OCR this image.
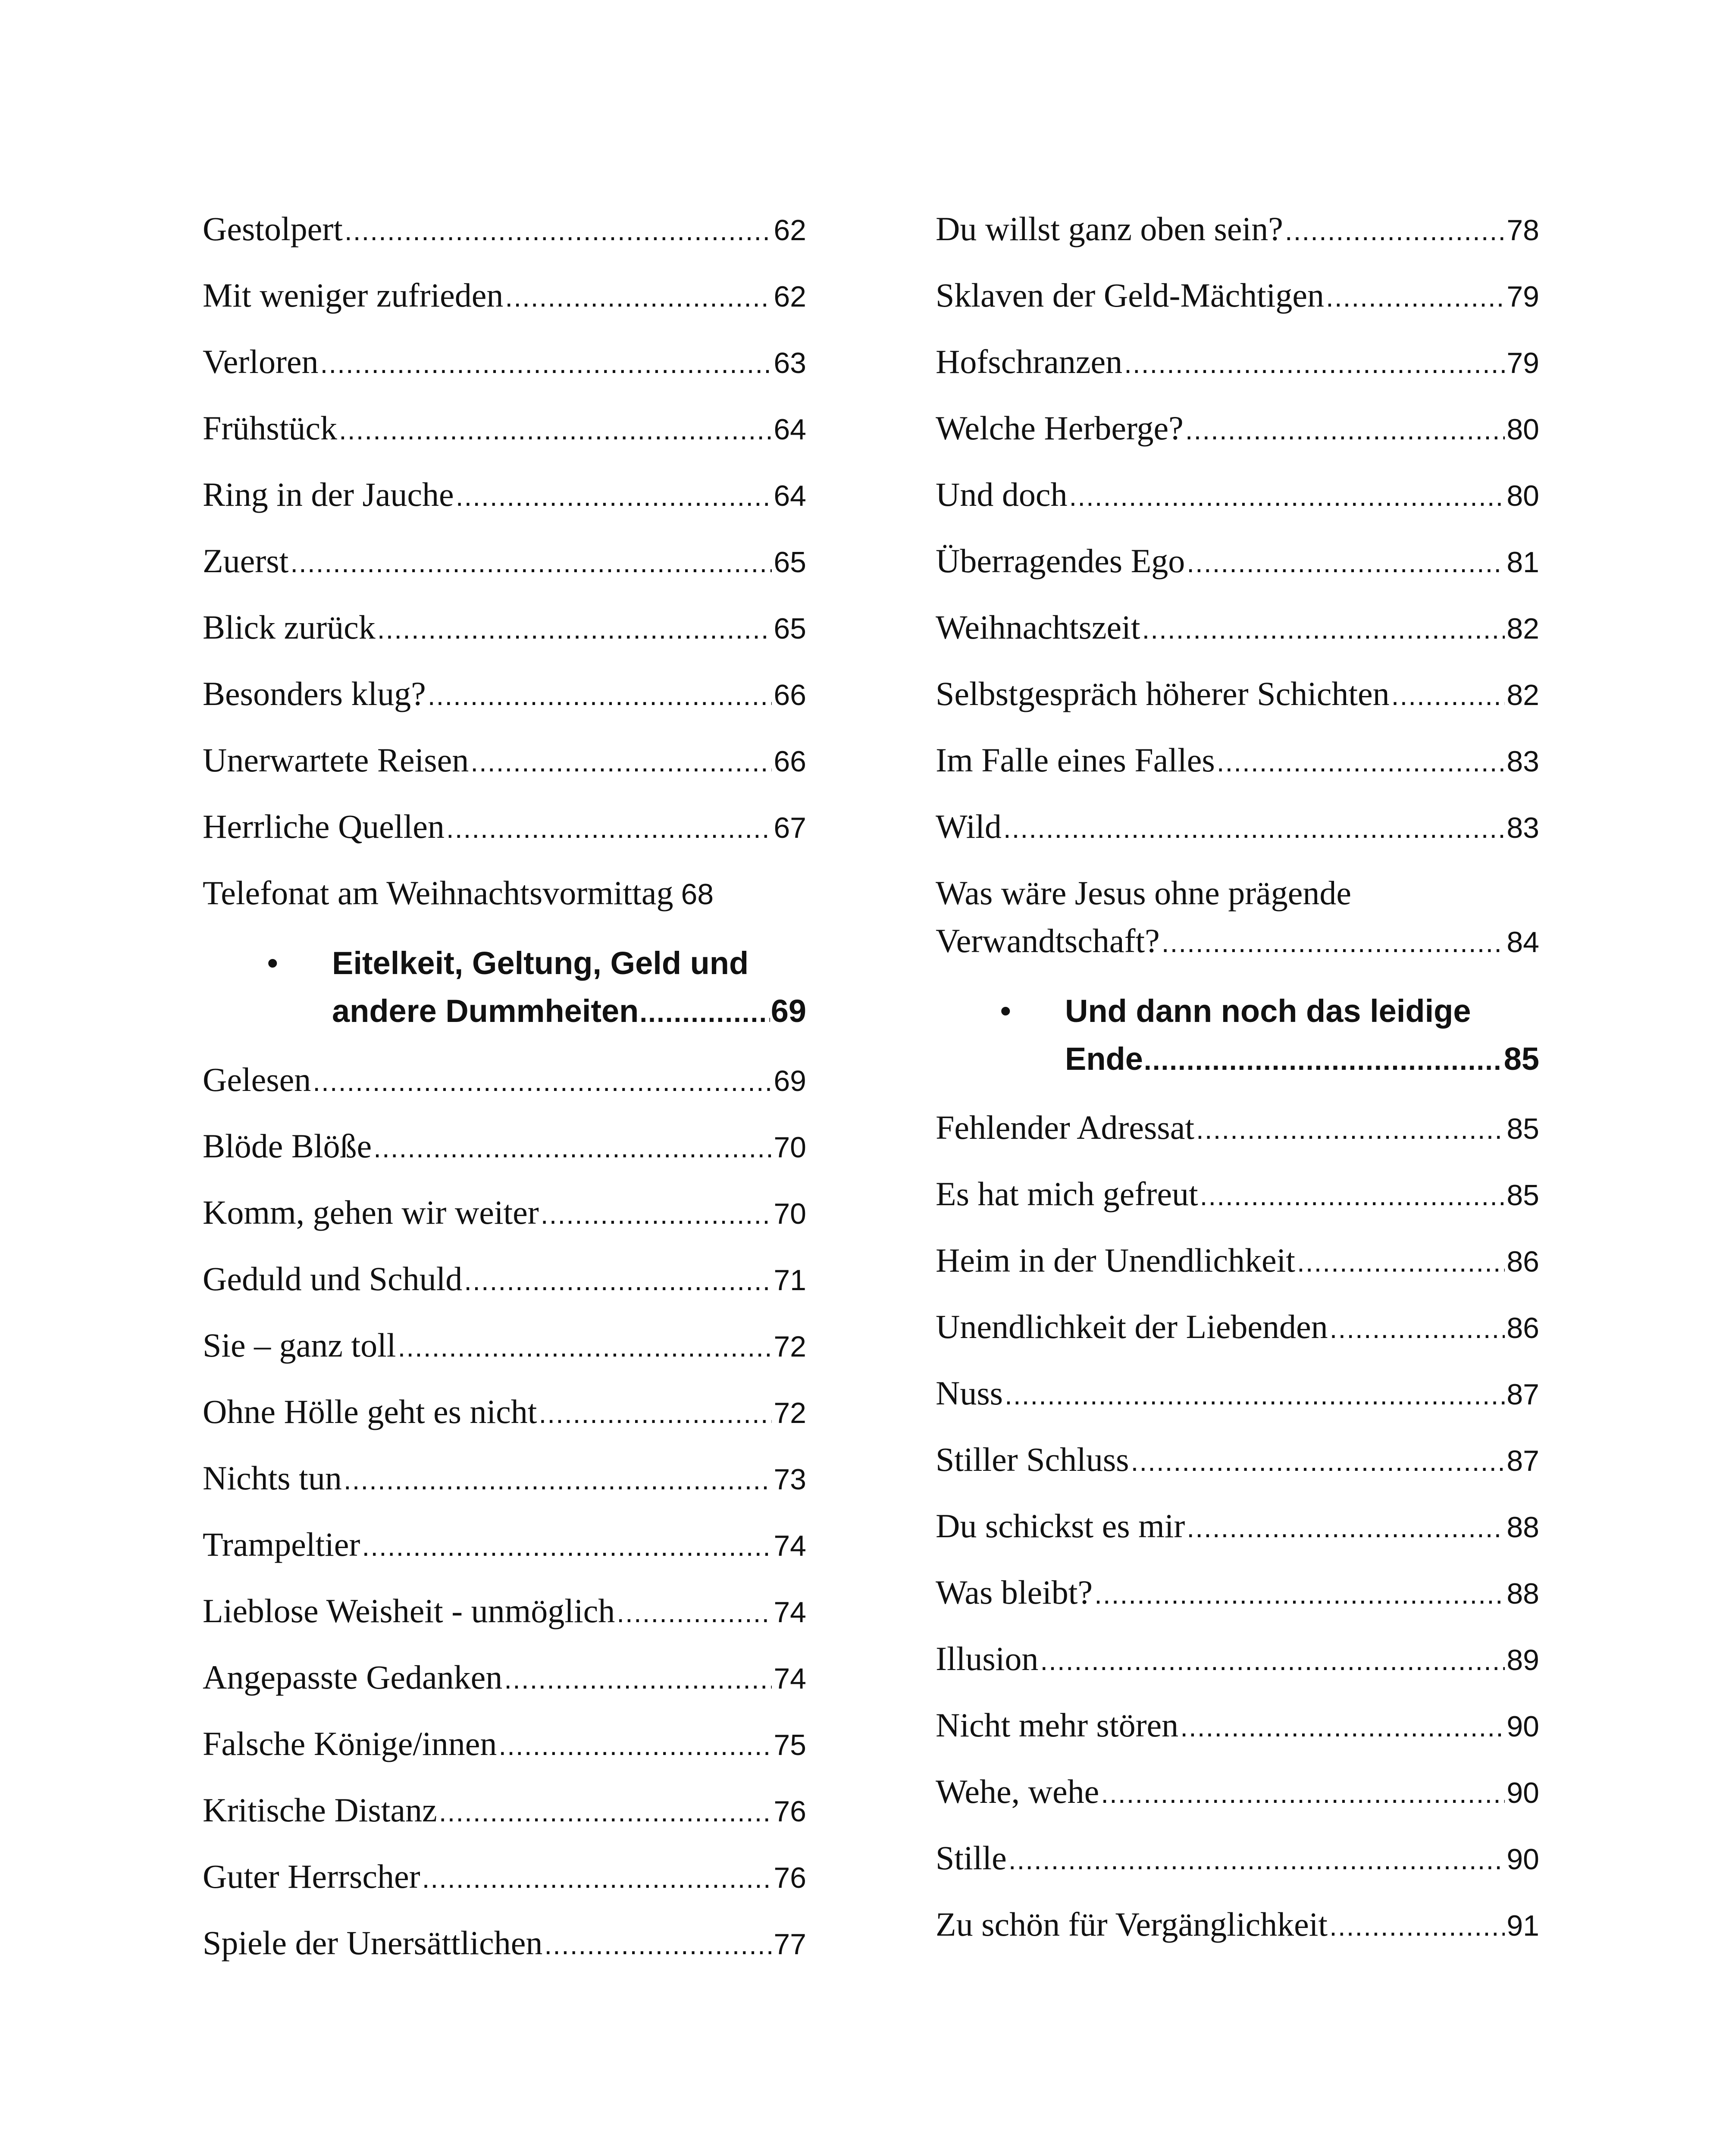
Gestolpert .....	62
Mit weniger zufrieden .....	62
Verloren .....	63
Frühstück .....	64
Ring in der Jauche .....	64
Zuerst .....	65
Blick zurück .....	65
Besonders klug? .....	66
Unerwartete Reisen .....	66
Herrliche Quellen .....	67
Telefonat am Weihnachtsvormittag 68
• Eitelkeit, Geltung, Geld und
andere Dummheiten .....	69
Gelesen .....	69
Blöde Blöße .....	70
Komm, gehen wir weiter .....	70
Geduld und Schuld .....	71
Sie – ganz toll .....	72
Ohne Hölle geht es nicht .....	72
Nichts tun .....	73
Trampeltier .....	74
Lieblose Weisheit - unmöglich .....	74
Angepasste Gedanken .....	74
Falsche Könige/innen .....	75
Kritische Distanz .....	76
Guter Herrscher .....	76
Spiele der Unersättlichen .....	77
Du willst ganz oben sein? .....	78
Sklaven der Geld-Mächtigen .....	79
Hofschranzen .....	79
Welche Herberge? .....	80
Und doch .....	80
Überragendes Ego .....	81
Weihnachtszeit .....	82
Selbstgespräch höherer Schichten .....	82
Im Falle eines Falles .....	83
Wild .....	83
Was wäre Jesus ohne prägende
Verwandtschaft? .....	84
• Und dann noch das leidige
Ende .....	85
Fehlender Adressat .....	85
Es hat mich gefreut .....	85
Heim in der Unendlichkeit .....	86
Unendlichkeit der Liebenden .....	86
Nuss .....	87
Stiller Schluss .....	87
Du schickst es mir .....	88
Was bleibt? .....	88
Illusion .....	89
Nicht mehr stören .....	90
Wehe, wehe .....	90
Stille .....	90
Zu schön für Vergänglichkeit .....	91
